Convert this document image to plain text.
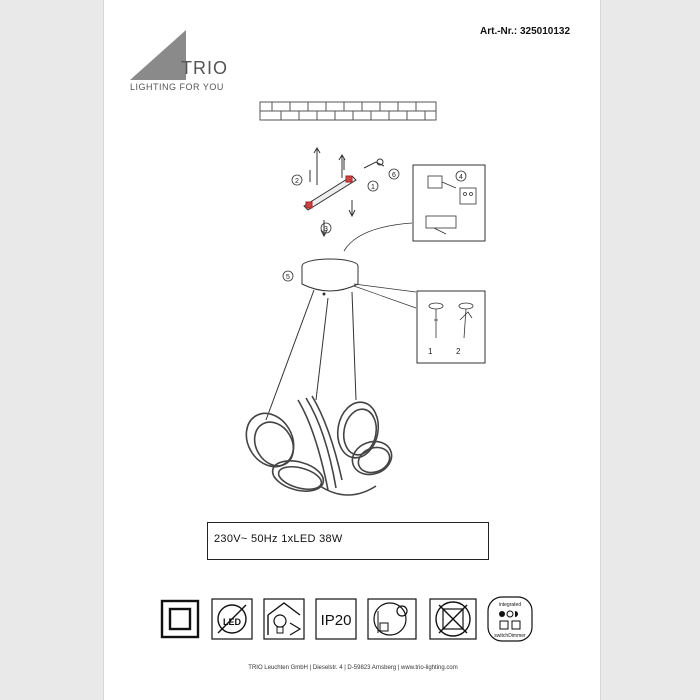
Art.-Nr.: 325010132
TRIO
LIGHTING FOR YOU
2
1
6
3
4
5
1	2
230V~ 50Hz 1xLED 38W
LED	IP20
integrated
switchDimmer
TRIO Leuchten GmbH | Dieselstr. 4 | D-59823 Arnsberg | www.trio-lighting.com
